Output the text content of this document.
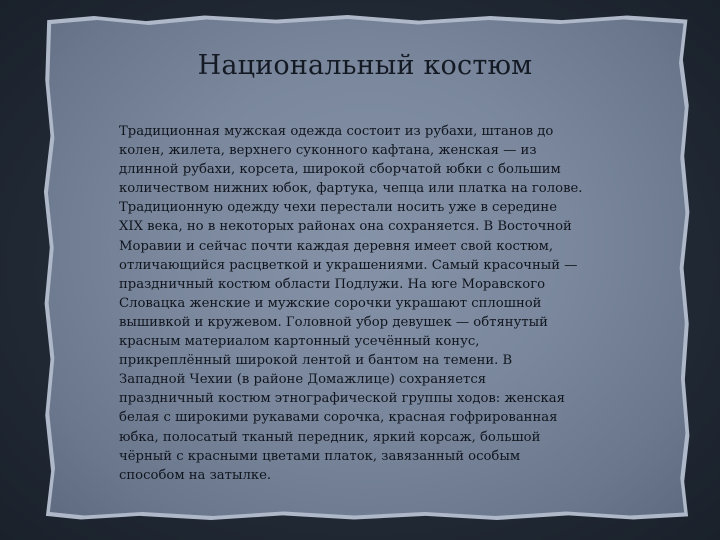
Национальный костюм

Традиционная мужская одежда состоит из рубахи, штанов до
колен, жилета, верхнего суконного кафтана, женская — из
длинной рубахи, корсета, широкой сборчатой юбки с большим
количеством нижних юбок, фартука, чепца или платка на голове.
Традиционную одежду чехи перестали носить уже в середине
XIX века, но в некоторых районах она сохраняется. В Восточной
Моравии и сейчас почти каждая деревня имеет свой костюм,
отличающийся расцветкой и украшениями. Самый красочный —
праздничный костюм области Подлужи. На юге Моравского
Словацка женские и мужские сорочки украшают сплошной
вышивкой и кружевом. Головной убор девушек — обтянутый
красным материалом картонный усечённый конус,
прикреплённый широкой лентой и бантом на темени. В
Западной Чехии (в районе Домажлице) сохраняется
праздничный костюм этнографической группы ходов: женская
белая с широкими рукавами сорочка, красная гофрированная
юбка, полосатый тканый передник, яркий корсаж, большой
чёрный с красными цветами платок, завязанный особым
способом на затылке.
